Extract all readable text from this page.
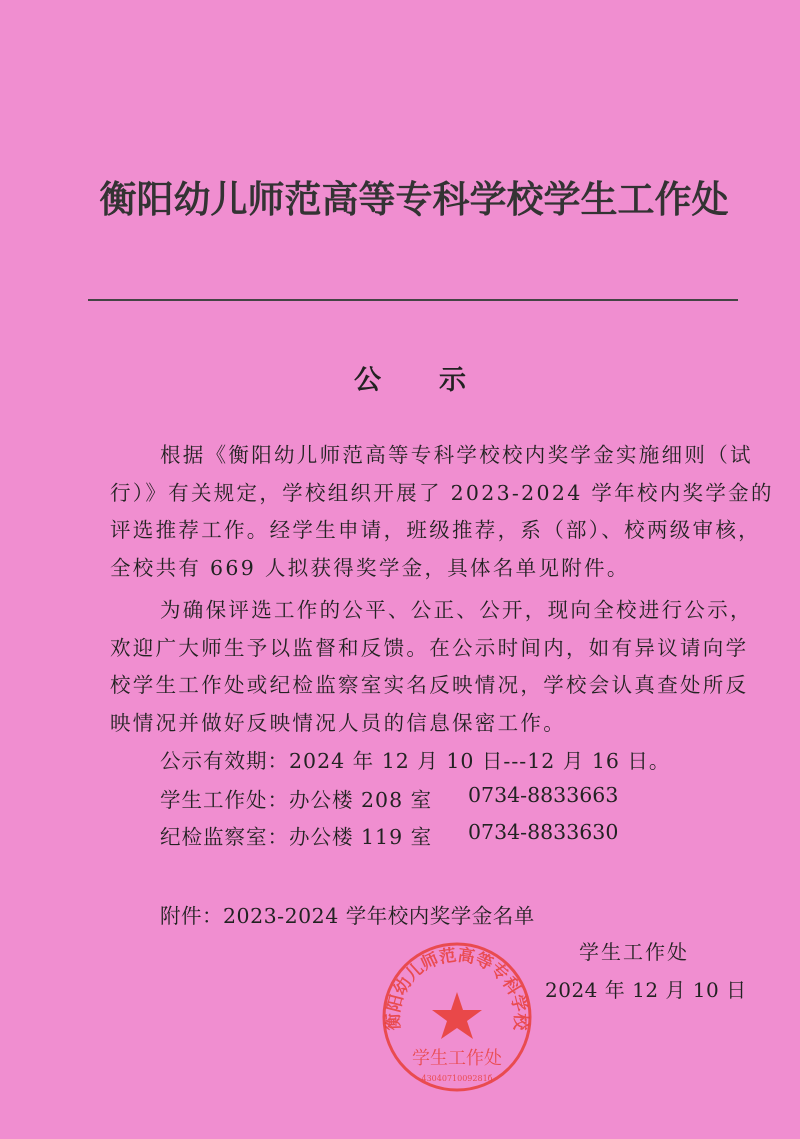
衡阳幼儿师范高等专科学校学生工作处
公示
根据《衡阳幼儿师范高等专科学校校内奖学金实施细则（试
行）》有关规定，学校组织开展了 2023-2024 学年校内奖学金的
评选推荐工作。经学生申请，班级推荐，系（部）、校两级审核，
全校共有 669 人拟获得奖学金，具体名单见附件。
为确保评选工作的公平、公正、公开，现向全校进行公示，
欢迎广大师生予以监督和反馈。在公示时间内，如有异议请向学
校学生工作处或纪检监察室实名反映情况，学校会认真查处所反
映情况并做好反映情况人员的信息保密工作。
公示有效期：2024 年 12 月 10 日---12 月 16 日。
学生工作处：办公楼 208 室 0734-8833663
纪检监察室：办公楼 119 室 0734-8833630
附件：2023-2024 学年校内奖学金名单
衡阳幼儿师范高等专科学校
学生工作处
4304071009281б
学生工作处
2024 年 12 月 10 日
